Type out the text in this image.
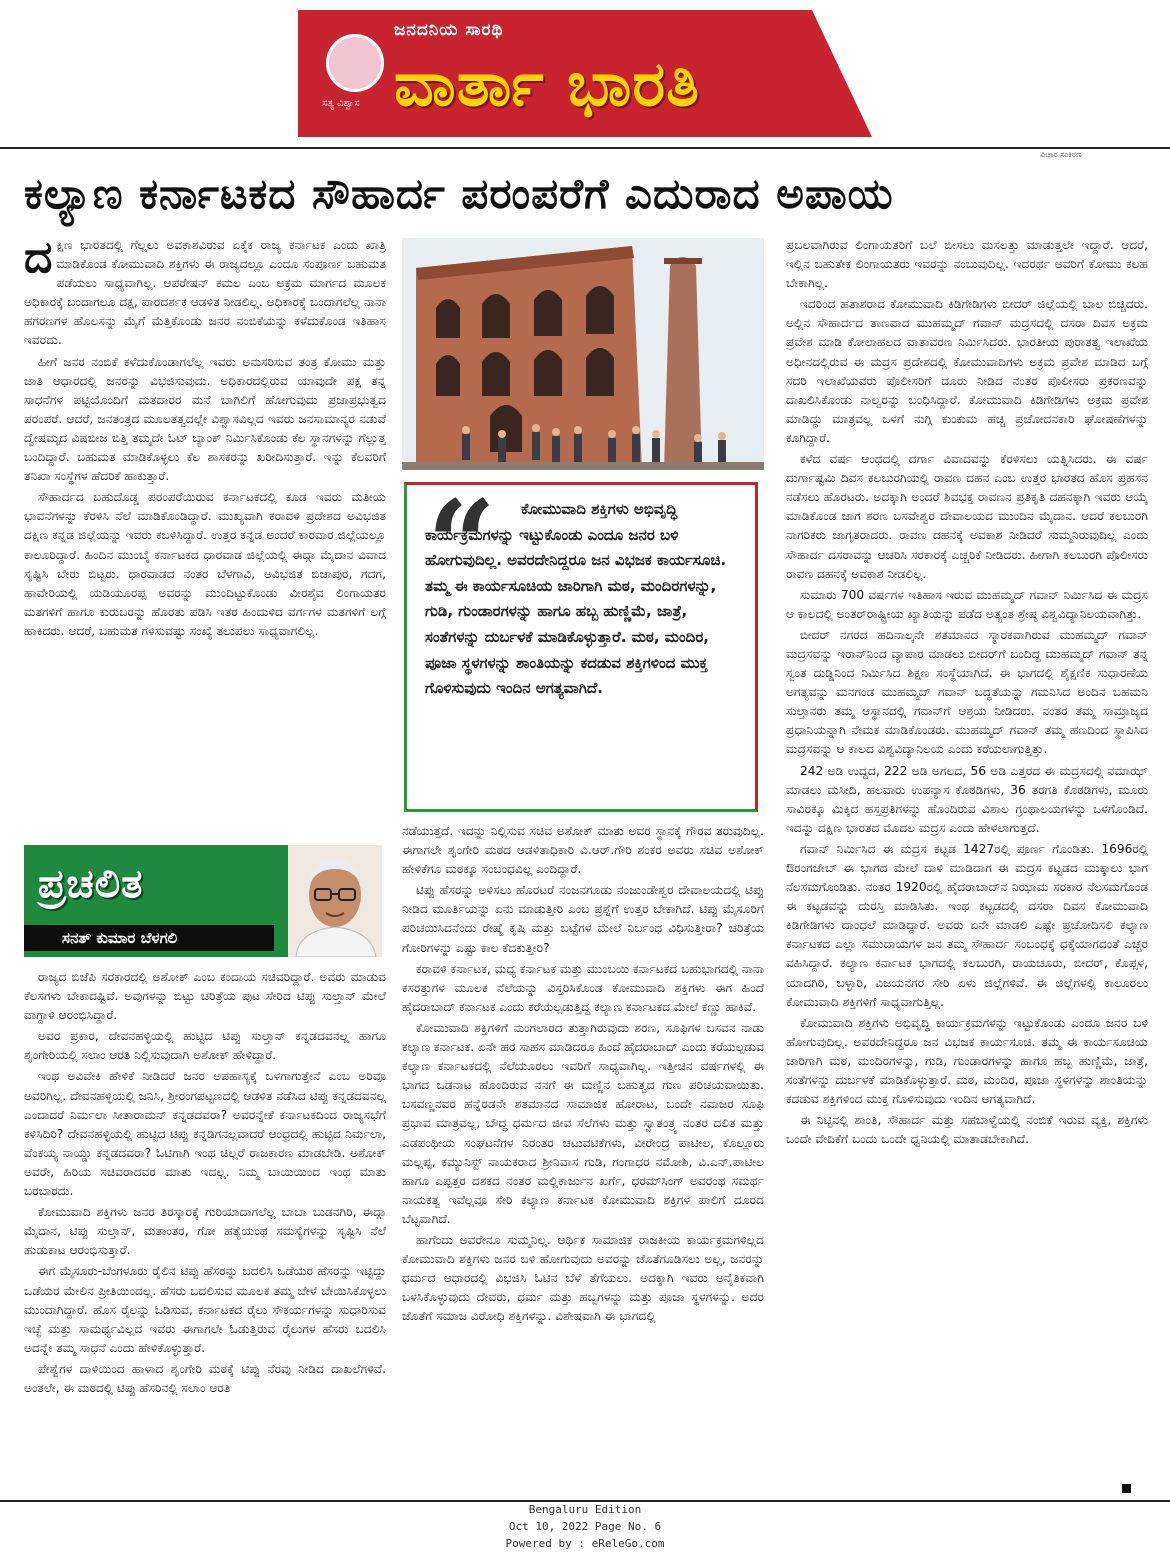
ಸತ್ಯ ವಿಶ್ವಾಸ
ಜನದನಿಯ ಸಾರಥಿ
ವಾರ್ತಾ ಭಾರತಿ
ವಿಚಾರ ಸಂಕಿರಣ
ಕಲ್ಯಾಣ ಕರ್ನಾಟಕದ ಸೌಹಾರ್ದ ಪರಂಪರೆಗೆ ಎದುರಾದ ಅಪಾಯ

ದಕ್ಷಿಣ ಭಾರತದಲ್ಲಿ ಗೆಲ್ಲಲು ಅವಕಾಶವಿರುವ ಏಕೈಕ ರಾಜ್ಯ ಕರ್ನಾಟಕ ಎಂದು ಖಾತ್ರಿ ಮಾಡಿಕೊಂಡ ಕೋಮುವಾದಿ ಶಕ್ತಿಗಳು ಈ ರಾಜ್ಯದಲ್ಲೂ ಎಂದೂ ಸಂಪೂರ್ಣ ಬಹುಮತ ಪಡೆಯಲು ಸಾಧ್ಯವಾಗಿಲ್ಲ. ಆಪರೇಷನ್ ಕಮಲ ಎಂಬ ಅಕ್ರಮ ಮಾರ್ಗದ ಮೂಲಕ ಅಧಿಕಾರಕ್ಕೆ ಬಂದಾಗಲೂ ದಕ್ಷ, ಪಾರದರ್ಶಕ ಆಡಳಿತ ನೀಡಲಿಲ್ಲ. ಅಧಿಕಾರಕ್ಕೆ ಬಂದಾಗಲೆಲ್ಲ ನಾನಾ ಹಗರಣಗಳ ಹೊಲಸನ್ನು ಮೈಗೆ ಮೆತ್ತಿಕೊಂಡು ಜನರ ನಂಬಿಕೆಯನ್ನು ಕಳೆದುಕೊಂಡ ಇತಿಹಾಸ ಇವರದು.

ಹೀಗೆ ಜನರ ನಂಬಿಕೆ ಕಳೆದುಕೊಂಡಾಗಲೆಲ್ಲ ಇವರು ಅನುಸರಿಸುವ ತಂತ್ರ ಕೋಮು ಮತ್ತು ಜಾತಿ ಆಧಾರದಲ್ಲಿ ಜನರನ್ನು ವಿಭಜಿಸುವುದು. ಅಧಿಕಾರದಲ್ಲಿರುವ ಯಾವುದೇ ಪಕ್ಷ ತನ್ನ ಸಾಧನೆಗಳ ಪಟ್ಟಿಯೊಂದಿಗೆ ಮತದಾರರ ಮನೆ ಬಾಗಿಲಿಗೆ ಹೋಗುವುದು ಪ್ರಜಾಪ್ರಭುತ್ವದ ಪರಂಪರೆ. ಆದರೆ, ಜನತಂತ್ರದ ಮೂಲತತ್ವದಲ್ಲೇ ವಿಶ್ವಾಸವಿಲ್ಲದ ಇವರು ಜನಸಾಮಾನ್ಯರ ನಡುವೆ ದ್ವೇಷಮೃದ ವಿಷಬೀಜ ಬಿತ್ತಿ ತಮ್ಮದೇ ಓಟ್ ಬ್ಯಾಂಕ್ ನಿರ್ಮಿಸಿಕೊಂಡು ಕೆಲ ಸ್ಥಾನಗಳನ್ನು ಗೆಲ್ಲುತ್ತ ಬಂದಿದ್ದಾರೆ. ಬಹುಮತ ಮಾಡಿಕೊಳ್ಳಲು ಕೆಲ ಶಾಸಕರನ್ನು ಖರೀದಿಸುತ್ತಾರೆ. ಇನ್ನು ಕೆಲವರಿಗೆ ತನಿಖಾ ಸಂಸ್ಥೆಗಳ ಹೆದರಿಕೆ ಹಾಕುತ್ತಾರೆ.

ಸೌಹಾರ್ದದ ಬಹುದೊಡ್ಡ ಪರಂಪರೆಯಿರುವ ಕರ್ನಾಟಕದಲ್ಲಿ ಕೂಡ ಇವರು ಮತೀಯ ಭಾವನೆಗಳನ್ನು ಕೆರಳಿಸಿ ನೆಲೆ ಮಾಡಿಕೊಂಡಿದ್ದಾರೆ. ಮುಖ್ಯವಾಗಿ ಕರಾವಳಿ ಪ್ರದೇಶದ ಅವಿಭಜಿತ ದಕ್ಷಿಣ ಕನ್ನಡ ಜಿಲ್ಲೆಯನ್ನು ಇವರು ಕಬಳಿಸಿದ್ದಾರೆ. ಉತ್ತರ ಕನ್ನಡ ಅಂದರೆ ಕಾರವಾರ ಜಿಲ್ಲೆಯಲ್ಲೂ ಕಾಲೂರಿದ್ದಾರೆ. ಹಿಂದಿನ ಮುಂಬೈ ಕರ್ನಾಟಕದ ಧಾರವಾಡ ಜಿಲ್ಲೆಯಲ್ಲಿ ಈದ್ಗಾ ಮೈದಾನ ವಿವಾದ ಸೃಷ್ಟಿಸಿ ಬೇರು ಬಿಟ್ಟರು. ಧಾರವಾಡದ ನಂತರ ಬೆಳಗಾವಿ, ಅವಿಭಜಿತ ಬಿಜಾಪುರ, ಗದಗ, ಹಾವೇರಿಯಲ್ಲಿ ಯಡಿಯೂರಪ್ಪ ಅವರನ್ನು ಮುಂದಿಟ್ಟುಕೊಂಡು ವೀರಶೈವ ಲಿಂಗಾಯತರ ಮತಗಳಿಗೆ ಹಾಗೂ ಕುರುಬರನ್ನು ಹೊರತು ಪಡಿಸಿ ಇತರ ಹಿಂದುಳಿದ ವರ್ಗಗಳ ಮತಗಳಿಗೆ ಲಗ್ಗೆ ಹಾಕಿದರು. ಆದರೆ, ಬಹುಮತ ಗಳಿಸುವಷ್ಟು ಸಂಖ್ಯೆ ತಲುಪಲು ಸಾಧ್ಯವಾಗಲಿಲ್ಲ.

ಪ್ರಚಲಿತ
ಸನತ್ ಕುಮಾರ ಬೆಳಗಲಿ

ರಾಜ್ಯದ ಬಿಜೆಪಿ ಸರಕಾರದಲ್ಲಿ ಅಶೋಕ್ ಎಂಬ ಕಂದಾಯ ಸಚಿವರಿದ್ದಾರೆ. ಅವರು ಮಾಡುವ ಕೆಲಸಗಳು ಬೇಕಾದಷ್ಟಿವೆ. ಅವುಗಳನ್ನು ಬಿಟ್ಟು ಚರಿತ್ರೆಯ ಪುಟ ಸೇರಿದ ಟಿಪ್ಪು ಸುಲ್ತಾನ್ ಮೇಲೆ ವಾಗ್ದಾಳಿ ಆರಂಭಿಸಿದ್ದಾರೆ.

ಅವರ ಪ್ರಕಾರ, ದೇವನಹಳ್ಳಿಯಲ್ಲಿ ಹುಟ್ಟಿದ ಟಿಪ್ಪು ಸುಲ್ತಾನ್ ಕನ್ನಡದವನಲ್ಲ ಹಾಗೂ ಶೃಂಗೇರಿಯಲ್ಲಿ ಸಲಾಂ ಆರತಿ ನಿಲ್ಲಿಸುವುದಾಗಿ ಅಶೋಕ್ ಹೇಳಿದ್ದಾರೆ.

ಇಂಥ ಅವಿವೇಕಿ ಹೇಳಿಕೆ ನೀಡಿದರೆ ಜನರ ಅಪಹಾಸ್ಯಕ್ಕೆ ಒಳಗಾಗುತ್ತೇನೆ ಎಂಬ ಅರಿವೂ ಅವರಿಗಿಲ್ಲ. ದೇವನಹಳ್ಳಿಯಲ್ಲಿ ಜನಿಸಿ, ಶ್ರೀರಂಗಪಟ್ಟಣದಲ್ಲಿ ಆಡಳಿತ ನಡೆಸಿದ ಟಿಪ್ಪು ಕನ್ನಡದವನಲ್ಲ ಎಂದಾದರೆ ನಿರ್ಮಲಾ ಸೀತಾರಾಮನ್ ಕನ್ನಡದವರಾ? ಅವರನ್ನೇಕೆ ಕರ್ನಾಟಕದಿಂದ ರಾಜ್ಯಸಭೆಗೆ ಕಳಿಸಿದಿರಿ? ದೇವನಹಳ್ಳಿಯಲ್ಲಿ ಹುಟ್ಟಿದ ಟಿಪ್ಪು ಕನ್ನಡಿಗನಲ್ಲವಾದರೆ ಆಂಧ್ರದಲ್ಲಿ ಹುಟ್ಟಿದ ನಿರ್ಮಲಾ, ವೆಂಕಯ್ಯ ನಾಯ್ಡು ಕನ್ನಡದವರಾ? ಓಟಿಗಾಗಿ ಇಂಥ ಚಿಲ್ಲರೆ ರಾಜಕಾರಣ ಮಾಡಬೇಡಿ. ಅಶೋಕ್ ಅವರೇ, ಹಿರಿಯ ಸಚಿವರಾದವರ ಮಾತು ಇದಲ್ಲ. ನಿಮ್ಮ ಬಾಯಿಯಿಂದ ಇಂಥ ಮಾತು ಬರಬಾರದು.

ಕೋಮುವಾದಿ ಶಕ್ತಿಗಳು ಜನರ ತಿರಸ್ಕಾರಕ್ಕೆ ಗುರಿಯಾದಾಗಲೆಲ್ಲ ಬಾಬಾ ಬುಡನಗಿರಿ, ಈದ್ಗಾ ಮೈದಾನ, ಟಿಪ್ಪು ಸುಲ್ತಾನ್, ಮತಾಂತರ, ಗೋ ಹತ್ಯೆಯಂಥ ಸಮಸ್ಯೆಗಳನ್ನು ಸೃಷ್ಟಿಸಿ ನೆಲೆ ಹುಡುಕಾಟ ಆರಂಭಿಸುತ್ತಾರೆ.

ಈಗ ಮೈಸೂರು-ಬೆಂಗಳೂರು ರೈಲಿನ ಟಿಪ್ಪು ಹೆಸರನ್ನು ಬದಲಿಸಿ ಒಡೆಯರ ಹೆಸರನ್ನು ಇಟ್ಟಿದ್ದು ಒಡೆಯರ ಮೇಲಿನ ಪ್ರೀತಿಯಿಂದಲ್ಲ. ಹೆಸರು ಬದಲಿಸುವ ಮೂಲಕ ತಮ್ಮ ಬೇಳೆ ಬೇಯಿಸಿಕೊಳ್ಳಲು ಮುಂದಾಗಿದ್ದಾರೆ. ಹೊಸ ರೈಲನ್ನು ಓಡಿಸುವ, ಕರ್ನಾಟಕದ ರೈಲು ಸೌಕರ್ಯಗಳನ್ನು ಸುಧಾರಿಸುವ ಇಚ್ಛೆ ಮತ್ತು ಸಾಮರ್ಥ್ಯವಿಲ್ಲದ ಇವರು ಈಗಾಗಲೇ ಓಡುತ್ತಿರುವ ರೈಲುಗಳ ಹೆಸರು ಬದಲಿಸಿ ಅದನ್ನೇ ತಮ್ಮ ಸಾಧನೆ ಎಂದು ಹೇಳಿಕೊಳ್ಳುತ್ತಾರೆ.

ಪೇಶ್ವೆಗಳ ದಾಳಿಯಿಂದ ಹಾಳಾದ ಶೃಂಗೇರಿ ಮಠಕ್ಕೆ ಟಿಪ್ಪು ನೆರವು ನೀಡಿದ ದಾಖಲೆಗಳಿವೆ. ಅಂತಲೇ, ಈ ಮಠದಲ್ಲಿ ಟಿಪ್ಪು ಹೆಸರಿನಲ್ಲಿ ಸಲಾಂ ಆರತಿ

“	ಕೋಮುವಾದಿ ಶಕ್ತಿಗಳು ಅಭಿವೃದ್ಧಿ ಕಾರ್ಯಕ್ರಮಗಳನ್ನು ಇಟ್ಟುಕೊಂಡು ಎಂದೂ ಜನರ ಬಳಿ ಹೋಗುವುದಿಲ್ಲ. ಅವರದೇನಿದ್ದರೂ ಜನ ವಿಭಜಕ ಕಾರ್ಯಸೂಚಿ. ತಮ್ಮ ಈ ಕಾರ್ಯಸೂಚಿಯ ಜಾರಿಗಾಗಿ ಮಠ, ಮಂದಿರಗಳನ್ನು, ಗುಡಿ, ಗುಂಡಾರಗಳನ್ನು ಹಾಗೂ ಹಬ್ಬ ಹುಣ್ಣಿಮೆ, ಜಾತ್ರೆ, ಸಂತೆಗಳನ್ನು ದುರ್ಬಳಕೆ ಮಾಡಿಕೊಳ್ಳುತ್ತಾರೆ. ಮಠ, ಮಂದಿರ, ಪೂಜಾ ಸ್ಥಳಗಳನ್ನು ಶಾಂತಿಯನ್ನು ಕದಡುವ ಶಕ್ತಿಗಳಿಂದ ಮುಕ್ತ ಗೊಳಿಸುವುದು ಇಂದಿನ ಅಗತ್ಯವಾಗಿದೆ.

ನಡೆಯುತ್ತದೆ. ಇದನ್ನು ನಿಲ್ಲಿಸುವ ಸಚಿವ ಅಶೋಕ್ ಮಾತು ಅವರ ಸ್ಥಾನಕ್ಕೆ ಗೌರವ ತರುವುದಿಲ್ಲ. ಈಗಾಗಲೇ ಶೃಂಗೇರಿ ಮಠದ ಆಡಳಿತಾಧಿಕಾರಿ ವಿ.ಆರ್.ಗೌರಿ ಶಂಕರ ಅವರು ಸಚಿವ ಅಶೋಕ್ ಹೇಳಿಕೆಗೂ ಮಠಕ್ಕೂ ಸಂಬಂಧವಿಲ್ಲ ಎಂದಿದ್ದಾರೆ.

ಟಿಪ್ಪು ಹೆಸರನ್ನು ಅಳಿಸಲು ಹೊರಟರೆ ನಂಜನಗೂಡು ನಂಜುಂಡೇಶ್ವರ ದೇವಾಲಯದಲ್ಲಿ ಟಿಪ್ಪು ನೀಡಿದ ಮೂರ್ತಿಯನ್ನು ಏನು ಮಾಡುತ್ತೀರಿ ಎಂಬ ಪ್ರಶ್ನೆಗೆ ಉತ್ತರ ಬೇಕಾಗಿದೆ. ಟಿಪ್ಪು ಮೈಸೂರಿಗೆ ಪರಿಚಯಿಸಿದನೆಂದು ರೇಷ್ಮೆ ಕೃಷಿ ಮತ್ತು ಬಟ್ಟೆಗಳ ಮೇಲೆ ನಿರ್ಬಂಧ ವಿಧಿಸುತ್ತೀರಾ? ಚರಿತ್ರೆಯ ಗೋರಿಗಳನ್ನು ಎಷ್ಟು ಕಾಲ ಕೆದಕುತ್ತೀರಿ?

ಕರಾವಳಿ ಕರ್ನಾಟಕ, ಮಧ್ಯ ಕರ್ನಾಟಕ ಮತ್ತು ಮುಂಬಯಿ ಕರ್ನಾಟಕದ ಬಹುಭಾಗದಲ್ಲಿ ನಾನಾ ಕಸರತ್ತುಗಳ ಮೂಲಕ ನೆಲೆಯನ್ನು ವಿಸ್ತರಿಸಿಕೊಂಡ ಕೋಮುವಾದಿ ಶಕ್ತಿಗಳು ಈಗ ಹಿಂದೆ ಹೈದರಾಬಾದ್ ಕರ್ನಾಟಕ ಎಂದು ಕರೆಯಲ್ಪಡುತ್ತಿದ್ದ ಕಲ್ಯಾಣ ಕರ್ನಾಟಕದ ಮೇಲೆ ಕಣ್ಣು ಹಾಕಿವೆ.

ಕೋಮುವಾದಿ ಶಕ್ತಿಗಳಿಗೆ ನುಂಗಲಾರದ ತುತ್ತಾಗಿರುವುದು ಶರಣ, ಸೂಫಿಗಳ ಬಸವನ ನಾಡು ಕಲ್ಯಾಣ ಕರ್ನಾಟಕ. ಏನೇ ಹರ ಸಾಹಸ ಮಾಡಿದರೂ ಹಿಂದೆ ಹೈದರಾಬಾದ್ ಎಂದು ಕರೆಯಲ್ಪಡುವ ಕಲ್ಯಾಣ ಕರ್ನಾಟಕದಲ್ಲಿ ನೆಲೆಯೂರಲು ಇವರಿಗೆ ಸಾಧ್ಯವಾಗಿಲ್ಲ. ಇತ್ತೀಚಿನ ವರ್ಷಗಳಲ್ಲಿ ಈ ಭಾಗದ ಒಡನಾಟ ಹೊಂದಿರುವ ನನಗೆ ಈ ಮಣ್ಣಿನ ಬಹುತ್ವದ ಗುಣ ಪರಿಚಯವಾಯಿತು. ಬಸವಣ್ಣನವರ ಹನ್ನೆರಡನೇ ಶತಮಾನದ ಸಾಮಾಜಿಕ ಹೋರಾಟ, ಬಂದೇ ನವಾಜರ ಸೂಫಿ ಪ್ರಭಾವ ಮಾತ್ರವಲ್ಲ, ಬೌದ್ಧ ಧರ್ಮದ ಜೀವ ಸೆಲೆಗಳು ಮತ್ತು ಸ್ವಾತಂತ್ರ್ಯ ನಂತರ ದಲಿತ ಮತ್ತು ಎಡಪಂಥೀಯ ಸಂಘಟನೆಗಳ ನಿರಂತರ ಚಟುವಟಿಕೆಗಳು, ವೀರೇಂದ್ರ ಪಾಟೀಲ, ಕೊಲ್ಲೂರು ಮಲ್ಲಪ್ಪ, ಕಮ್ಯುನಿಸ್ಟ್ ನಾಯಕರಾದ ಶ್ರೀನಿವಾಸ ಗುಡಿ, ಗಂಗಾಧರ ನಮೋಶಿ, ವಿ.ಎನ್.ಪಾಟೀಲ ಹಾಗೂ ಎಪ್ಪತ್ತರ ದಶಕದ ನಂತರ ಮಲ್ಲಿಕಾರ್ಜುನ ಖರ್ಗೆ, ಧರಮ್‌ಸಿಂಗ್ ಅವರಂಥ ಸಮರ್ಥ ನಾಯಕತ್ವ ಇವೆಲ್ಲವೂ ಸೇರಿ ಕಲ್ಯಾಣ ಕರ್ನಾಟಕ ಕೋಮುವಾದಿ ಶಕ್ತಿಗಳ ಪಾಲಿಗೆ ದೂರದ ಬೆಟ್ಟವಾಗಿದೆ.

ಹಾಗೆಂದು ಅವರೇನೂ ಸುಮ್ಮನಿಲ್ಲ. ಆರ್ಥಿಕ ಸಾಮಾಜಿಕ ರಾಜಕೀಯ ಕಾರ್ಯಕ್ರಮಗಳಿಲ್ಲದ ಕೋಮುವಾದಿ ಶಕ್ತಿಗಳು ಜನರ ಬಳಿ ಹೋಗುವುದು ಅವರನ್ನು ಜೊತೆಗೂಡಿಸಲು ಅಲ್ಲ, ಜನರನ್ನು ಧರ್ಮದ ಆಧಾರದಲ್ಲಿ ವಿಭಜಿಸಿ ಓಟಿನ ಬೆಳೆ ತೆಗೆಯಲು. ಅದಕ್ಕಾಗಿ ಇವರು ಅನೈತಿಕವಾಗಿ ಬಳಸಿಕೊಳ್ಳುವುದು ದೇವರು, ಧರ್ಮ ಮತ್ತು ಹಬ್ಬಗಳನ್ನು ಮತ್ತು ಪೂಜಾ ಸ್ಥಳಗಳನ್ನು. ಅದರ ಜೊತೆಗೆ ಸಮಾಜ ವಿರೋಧಿ ಶಕ್ತಿಗಳನ್ನು. ವಿಶೇಷವಾಗಿ ಈ ಭಾಗದಲ್ಲಿ

ಪ್ರಬಲವಾಗಿರುವ ಲಿಂಗಾಯತರಿಗೆ ಬಲೆ ಬೀಸಲು ಮಸಲತ್ತು ಮಾಡುತ್ತಲೇ ಇದ್ದಾರೆ. ಆದರೆ, ಇಲ್ಲಿನ ಬಹುತೇಕ ಲಿಂಗಾಯತರು ಇವರನ್ನು ನಂಬುವುದಿಲ್ಲ. ಇದರರ್ಥ ಅವರಿಗೆ ಕೋಮು ಕಲಹ ಬೇಕಾಗಿಲ್ಲ.

ಇದರಿಂದ ಹತಾಶರಾದ ಕೋಮುವಾದಿ ಕಿಡಿಗೇಡಿಗಳು ಬೀದರ್ ಜಿಲ್ಲೆಯಲ್ಲಿ ಬಾಲ ಬಿಚ್ಚಿದರು. ಅಲ್ಲಿನ ಸೌಹಾರ್ದದ ತಾಣವಾದ ಮುಹಮ್ಮದ್ ಗವಾನ್ ಮದ್ರಸದಲ್ಲಿ ದಸರಾ ದಿವಸ ಅಕ್ರಮ ಪ್ರವೇಶ ಮಾಡಿ ಕೋಲಾಹಲದ ವಾತಾವರಣ ನಿರ್ಮಿಸಿದರು. ಭಾರತೀಯ ಪುರಾತತ್ವ ಇಲಾಖೆಯ ಅಧೀನದಲ್ಲಿರುವ ಈ ಮದ್ರಸ ಪ್ರದೇಶದಲ್ಲಿ ಕೋಮುವಾದಿಗಳು ಅಕ್ರಮ ಪ್ರವೇಶ ಮಾಡಿದ ಬಗ್ಗೆ ಸದರಿ ಇಲಾಖೆಯವರು ಪೊಲೀಸರಿಗೆ ದೂರು ನೀಡಿದ ನಂತರ ಪೊಲೀಸರು ಪ್ರಕರಣವನ್ನು ದಾಖಲಿಸಿಕೊಂಡು ನಾಲ್ವರನ್ನು ಬಂಧಿಸಿದ್ದಾರೆ. ಕೋಮುವಾದಿ ಕಿಡಿಗೇಡಿಗಳು ಅಕ್ರಮ ಪ್ರವೇಶ ಮಾಡಿದ್ದು ಮಾತ್ರವಲ್ಲ ಒಳಗೆ ನುಗ್ಗಿ ಕುಂಕುಮ ಹಚ್ಚಿ ಪ್ರಚೋದನಕಾರಿ ಘೋಷಣೆಗಳನ್ನು ಕೂಗಿದ್ದಾರೆ.

ಕಳೆದ ವರ್ಷ ಆಂಧದಲ್ಲಿ ದರ್ಗಾ ವಿವಾದವನ್ನು ಕೆರಳಿಸಲು ಯತ್ನಿಸಿದರು. ಈ ವರ್ಷ ದುರ್ಗಾಷ್ಟಮಿ ದಿವಸ ಕಲಬುರಗಿಯಲ್ಲಿ ರಾವಣ ದಹನ ಎಂಬ ಉತ್ತರ ಭಾರತದ ಹೊಸ ಪ್ರಹಸನ ನಡೆಸಲು ಹೊರಟರು. ಅದಕ್ಕಾಗಿ ಅಂದರೆ ಶಿವಭಕ್ತ ರಾವಣನ ಪ್ರತಿಕೃತಿ ದಹನಕ್ಕಾಗಿ ಇವರು ಆಯ್ಕೆ ಮಾಡಿಕೊಂಡ ಜಾಗ ಶರಣ ಬಸವೇಶ್ವರ ದೇವಾಲಯದ ಮುಂದಿನ ಮೈದಾನ. ಆದರೆ ಕಲಬುರಗಿ ನಾಗರಿಕರು ಜಾಗೃತರಾದರು. ರಾವಣ ದಹನಕ್ಕೆ ಅವಕಾಶ ನೀಡಿದರೆ ಸುಮ್ಮನಿರುವುದಿಲ್ಲ ಎಂದು ಸೌಹಾರ್ದ ದಸರಾವನ್ನು ಆಚರಿಸಿ ಸರಕಾರಕ್ಕೆ ಎಚ್ಚರಿಕೆ ನೀಡಿದರು. ಹೀಗಾಗಿ ಕಲಬುರಗಿ ಪೊಲೀಸರು ರಾವಣ ದಹನಕ್ಕೆ ಅವಕಾಶ ನೀಡಲಿಲ್ಲ.

ಸುಮಾರು 700 ವರ್ಷಗಳ ಇತಿಹಾಸ ಇರುವ ಮುಹಮ್ಮದ್ ಗವಾನ್ ನಿರ್ಮಿಸಿದ ಈ ಮದ್ರಸ ಆ ಕಾಲದಲ್ಲಿ ಅಂತರ್‌ರಾಷ್ಟ್ರೀಯ ಖ್ಯಾತಿಯನ್ನು ಪಡೆದ ಅತ್ಯಂತ ಶ್ರೇಷ್ಠ ವಿಶ್ವವಿದ್ಯಾನಿಲಯವಾಗಿತ್ತು.

ಬೀದರ್ ನಗರದ ಹದಿನಾಲ್ಕನೇ ಶತಮಾನದ ಸ್ಮಾರಕವಾಗಿರುವ ಮುಹಮ್ಮದ್ ಗವಾನ್ ಮದ್ರಸವನ್ನು ಇರಾನ್‌ನಿಂದ ವ್ಯಾಪಾರ ಮಾಡಲು ಬೀದರ್‌ಗೆ ಬಂದಿದ್ದ ಮುಹಮ್ಮದ್ ಗವಾನ್ ತನ್ನ ಸ್ವಂತ ದುಡ್ಡಿನಿಂದ ನಿರ್ಮಿಸಿದ ಶಿಕ್ಷಣ ಸಂಸ್ಥೆಯಾಗಿದೆ. ಈ ಭಾಗದಲ್ಲಿ ಶೈಕ್ಷಣಿಕ ಸುಧಾರಣೆಯ ಅಗತ್ಯವನ್ನು ಮನಗಂಡ ಮುಹಮ್ಮದ್ ಗವಾನ್ ಬದ್ಧತೆಯನ್ನು ಗಮನಿಸಿದ ಅಂದಿನ ಬಹಮನಿ ಸುಲ್ತಾನರು ತಮ್ಮ ಆಸ್ಥಾನದಲ್ಲಿ ಗವಾನ್‌ಗೆ ಆಶ್ರಯ ನೀಡಿದರು. ನಂತರ ತಮ್ಮ ಸಾಮ್ರಾಜ್ಯದ ಪ್ರಧಾನಿಯನ್ನಾಗಿ ನೇಮಕ ಮಾಡಿಕೊಂಡರು. ಮುಹಮ್ಮದ್ ಗವಾನ್ ತಮ್ಮ ಹಣದಿಂದ ಸ್ಥಾಪಿಸಿದ ಮದ್ರಸವನ್ನು ಆ ಕಾಲದ ವಿಶ್ವವಿದ್ಯಾನಿಲಯ ಎಂದು ಕರೆಯಲಾಗುತ್ತಿತ್ತು.

242 ಅಡಿ ಉದ್ದದ, 222 ಅಡಿ ಅಗಲದ, 56 ಅಡಿ ಎತ್ತರದ ಈ ಮದ್ರಸದಲ್ಲಿ ನಮಾಝ್ ಮಾಡಲು ಮಸೀದಿ, ಹಲವಾರು ಉಪನ್ಯಾಸ ಕೊಠಡಿಗಳು, 36 ತರಗತಿ ಕೊಠಡಿಗಳು, ಮೂರು ಸಾವಿರಕ್ಕೂ ಮಿಕ್ಕಿದ ಹಸ್ತಪ್ರತಿಗಳನ್ನು ಹೊಂದಿರುವ ವಿಶಾಲ ಗ್ರಂಥಾಲಯಗಳನ್ನು ಒಳಗೊಂಡಿದೆ. ಇದನ್ನು ದಕ್ಷಿಣ ಭಾರತದ ಮೊದಲ ಮದ್ರಸ ಎಂದು ಹೇಳಲಾಗುತ್ತದೆ.

ಗವಾನ್ ನಿರ್ಮಿಸಿದ ಈ ಮದ್ರಸ ಕಟ್ಟಡ 1427ರಲ್ಲಿ ಪೂರ್ಣ ಗೊಂಡಿತು. 1696ರಲ್ಲಿ ಔರಂಗಜೇಬ್ ಈ ಭಾಗದ ಮೇಲೆ ದಾಳಿ ಮಾಡಿದಾಗ ಈ ಮದ್ರಸ ಕಟ್ಟಡದ ಮುಕ್ಕಾಲು ಭಾಗ ನೆಲಸಮಗೊಂಡಿತು. ನಂತರ 1920ರಲ್ಲಿ ಹೈದರಾಬಾದ್‌ನ ನಿಝಾಮ ಸರಕಾರ ನೆಲಸಮಗೊಂಡ ಈ ಕಟ್ಟಡವನ್ನು ದುರಸ್ತಿ ಮಾಡಿಸಿತು. ಇಂಥ ಕಟ್ಟಡದಲ್ಲಿ ದಸರಾ ದಿವಸ ಕೋಮುವಾದಿ ಕಿಡಿಗೇಡಿಗಳು ದಾಂಧಲೆ ಮಾಡಿದ್ದಾರೆ. ಅವರು ಏನೇ ಮಾಡಲಿ ಎಷ್ಟೇ ಪ್ರಚೋದಿಸಲಿ ಕಲ್ಯಾಣ ಕರ್ನಾಟಕದ ಎಲ್ಲಾ ಸಮುದಾಯಗಳ ಜನ ತಮ್ಮ ಸೌಹಾರ್ದ ಸಂಬಂಧಕ್ಕೆ ಧಕ್ಕೆಯಾಗದಂತೆ ಎಚ್ಚರ ವಹಿಸಿದ್ದಾರೆ. ಕಲ್ಯಾಣ ಕರ್ನಾಟಕ ಭಾಗದಲ್ಲಿ ಕಲಬುರಗಿ, ರಾಯಚೂರು, ಬೀದರ್, ಕೊಪ್ಪಳ, ಯಾದಗಿರಿ, ಬಳ್ಳಾರಿ, ವಿಜಯನಗರ ಸೇರಿ ಏಳು ಜಿಲ್ಲೆಗಳಿವೆ. ಈ ಜಿಲ್ಲೆಗಳಲ್ಲಿ ಕಾಲೂರಲು ಕೋಮುವಾದಿ ಶಕ್ತಿಗಳಿಗೆ ಸಾಧ್ಯವಾಗುತ್ತಿಲ್ಲ.

ಕೋಮುವಾದಿ ಶಕ್ತಿಗಳು ಅಭಿವೃದ್ಧಿ ಕಾರ್ಯಕ್ರಮಗಳನ್ನು ಇಟ್ಟುಕೊಂಡು ಎಂದೂ ಜನರ ಬಳಿ ಹೋಗುವುದಿಲ್ಲ. ಅವರದೇನಿದ್ದರೂ ಜನ ವಿಭಜಕ ಕಾರ್ಯಸೂಚಿ. ತಮ್ಮ ಈ ಕಾರ್ಯಸೂಚಿಯ ಜಾರಿಗಾಗಿ ಮಠ, ಮಂದಿರಗಳನ್ನು, ಗುಡಿ, ಗುಂಡಾರಗಳನ್ನು ಹಾಗೂ ಹಬ್ಬ ಹುಣ್ಣಿಮೆ, ಜಾತ್ರೆ, ಸಂತೆಗಳನ್ನು ದುರ್ಬಳಕೆ ಮಾಡಿಕೊಳ್ಳುತ್ತಾರೆ. ಮಠ, ಮಂದಿರ, ಪೂಜಾ ಸ್ಥಳಗಳನ್ನು ಶಾಂತಿಯನ್ನು ಕದಡುವ ಶಕ್ತಿಗಳಿಂದ ಮುಕ್ತ ಗೊಳಿಸುವುದು ಇಂದಿನ ಅಗತ್ಯವಾಗಿದೆ.

ಈ ನಿಟ್ಟಿನಲ್ಲಿ ಶಾಂತಿ, ಸೌಹಾರ್ದ ಮತ್ತು ಸಹಬಾಳ್ವೆಯಲ್ಲಿ ನಂಬಿಕೆ ಇರುವ ವ್ಯಕ್ತಿ, ಶಕ್ತಿಗಳು ಒಂದೇ ವೇದಿಕೆಗೆ ಬಂದು ಒಂದೇ ಧ್ವನಿಯಲ್ಲಿ ಮಾತಾಡಬೇಕಾಗಿದೆ.

Bengaluru Edition
Oct 10, 2022 Page No. 6
Powered by : eReleGo.com
